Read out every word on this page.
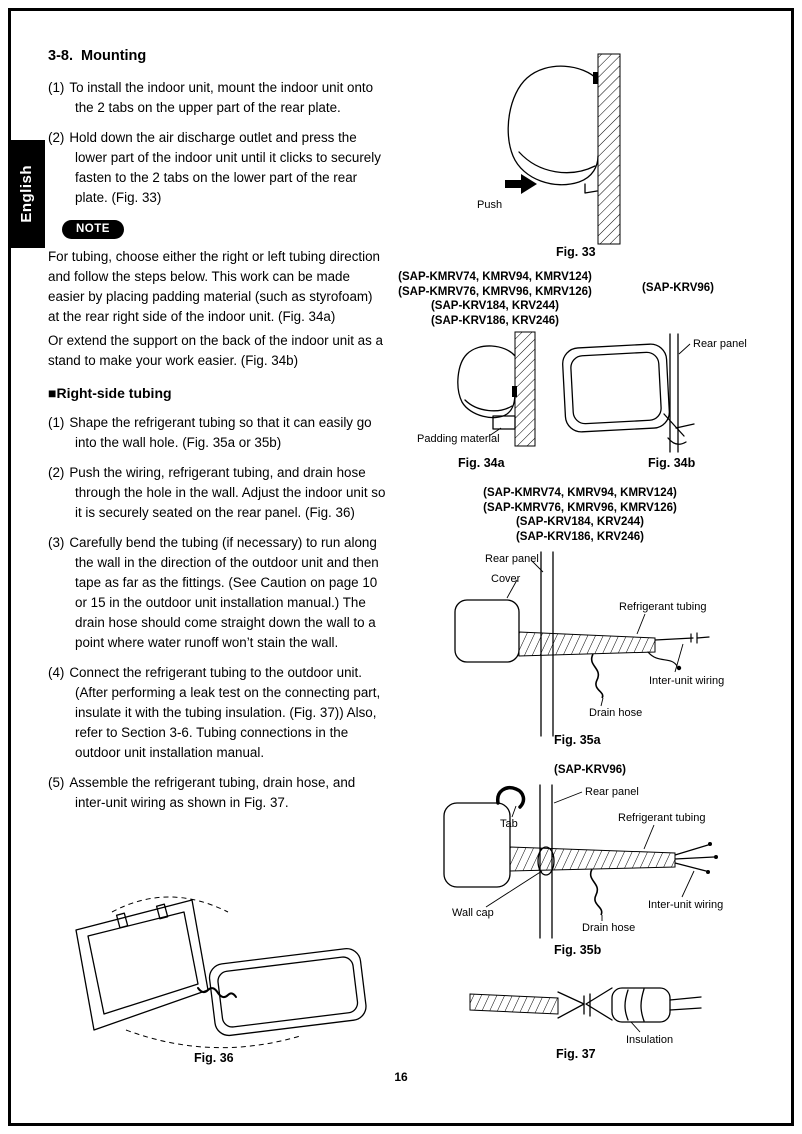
English
3-8.  Mounting

(1) To install the indoor unit, mount the indoor unit onto the 2 tabs on the upper part of the rear plate.

(2) Hold down the air discharge outlet and press the lower part of the indoor unit until it clicks to securely fasten to the 2 tabs on the lower part of the rear plate. (Fig. 33)

NOTE

For tubing, choose either the right or left tubing direction and follow the steps below. This work can be made easier by placing padding material (such as styrofoam) at the rear right side of the indoor unit. (Fig. 34a)

Or extend the support on the back of the indoor unit as a stand to make your work easier. (Fig. 34b)

■Right-side tubing

(1) Shape the refrigerant tubing so that it can easily go into the wall hole. (Fig. 35a or 35b)

(2) Push the wiring, refrigerant tubing, and drain hose through the hole in the wall. Adjust the indoor unit so it is securely seated on the rear panel. (Fig. 36)

(3) Carefully bend the tubing (if necessary) to run along the wall in the direction of the outdoor unit and then tape as far as the fittings. (See Caution on page 10 or 15 in the outdoor unit installation manual.) The drain hose should come straight down the wall to a point where water runoff won’t stain the wall.

(4) Connect the refrigerant tubing to the outdoor unit. (After performing a leak test on the connecting part, insulate it with the tubing insulation. (Fig. 37)) Also, refer to Section 3-6. Tubing connections in the outdoor unit installation manual.

(5) Assemble the refrigerant tubing, drain hose, and inter-unit wiring as shown in Fig. 37.

Push
Fig. 33
(SAP-KMRV74, KMRV94, KMRV124)
(SAP-KMRV76, KMRV96, KMRV126)
(SAP-KRV184, KRV244)
(SAP-KRV186, KRV246)
(SAP-KRV96)
Padding material
Fig. 34a
Rear panel
Fig. 34b
(SAP-KMRV74, KMRV94, KMRV124)
(SAP-KMRV76, KMRV96, KMRV126)
(SAP-KRV184, KRV244)
(SAP-KRV186, KRV246)
Rear panel
Cover
Refrigerant tubing
Inter-unit wiring
Drain hose
Fig. 35a
(SAP-KRV96)
Rear panel
Tab	Refrigerant tubing
Wall cap
Drain hose
Inter-unit wiring
Fig. 35b
Fig. 36
Insulation
Fig. 37
16
